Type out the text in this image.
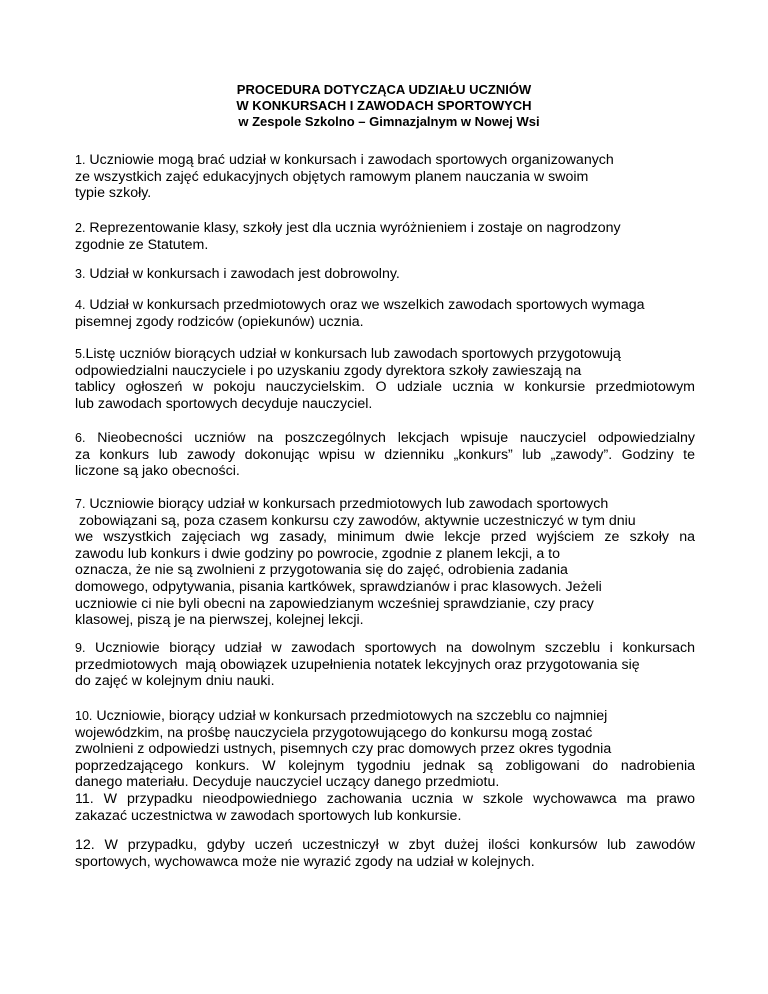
PROCEDURA DOTYCZĄCA UDZIAŁU UCZNIÓW
W KONKURSACH I ZAWODACH SPORTOWYCH
w Zespole Szkolno – Gimnazjalnym w Nowej Wsi
1. Uczniowie mogą brać udział w konkursach i zawodach sportowych organizowanych
ze wszystkich zajęć edukacyjnych objętych ramowym planem nauczania w swoim
typie szkoły.
2. Reprezentowanie klasy, szkoły jest dla ucznia wyróżnieniem i zostaje on nagrodzony
zgodnie ze Statutem.
3. Udział w konkursach i zawodach jest dobrowolny.
4. Udział w konkursach przedmiotowych oraz we wszelkich zawodach sportowych wymaga
pisemnej zgody rodziców (opiekunów) ucznia.
5.Listę uczniów biorących udział w konkursach lub zawodach sportowych przygotowują
odpowiedzialni nauczyciele i po uzyskaniu zgody dyrektora szkoły zawieszają na
tablicy ogłoszeń w pokoju nauczycielskim. O udziale ucznia w konkursie przedmiotowym
lub zawodach sportowych decyduje nauczyciel.
6. Nieobecności uczniów na poszczególnych lekcjach wpisuje nauczyciel odpowiedzialny
za konkurs lub zawody dokonując wpisu w dzienniku „konkurs” lub „zawody”. Godziny te
liczone są jako obecności.
7. Uczniowie biorący udział w konkursach przedmiotowych lub zawodach sportowych
zobowiązani są, poza czasem konkursu czy zawodów, aktywnie uczestniczyć w tym dniu
we wszystkich zajęciach wg zasady, minimum dwie lekcje przed wyjściem ze szkoły na
zawodu lub konkurs i dwie godziny po powrocie, zgodnie z planem lekcji, a to
oznacza, że nie są zwolnieni z przygotowania się do zajęć, odrobienia zadania
domowego, odpytywania, pisania kartkówek, sprawdzianów i prac klasowych. Jeżeli
uczniowie ci nie byli obecni na zapowiedzianym wcześniej sprawdzianie, czy pracy
klasowej, piszą je na pierwszej, kolejnej lekcji.
9. Uczniowie biorący udział w zawodach sportowych na dowolnym szczeblu i konkursach
przedmiotowych  mają obowiązek uzupełnienia notatek lekcyjnych oraz przygotowania się
do zajęć w kolejnym dniu nauki.
10. Uczniowie, biorący udział w konkursach przedmiotowych na szczeblu co najmniej
wojewódzkim, na prośbę nauczyciela przygotowującego do konkursu mogą zostać
zwolnieni z odpowiedzi ustnych, pisemnych czy prac domowych przez okres tygodnia
poprzedzającego konkurs. W kolejnym tygodniu jednak są zobligowani do nadrobienia
danego materiału. Decyduje nauczyciel uczący danego przedmiotu.
11. W przypadku nieodpowiedniego zachowania ucznia w szkole wychowawca ma prawo
zakazać uczestnictwa w zawodach sportowych lub konkursie.
12. W przypadku, gdyby uczeń uczestniczył w zbyt dużej ilości konkursów lub zawodów
sportowych, wychowawca może nie wyrazić zgody na udział w kolejnych.
